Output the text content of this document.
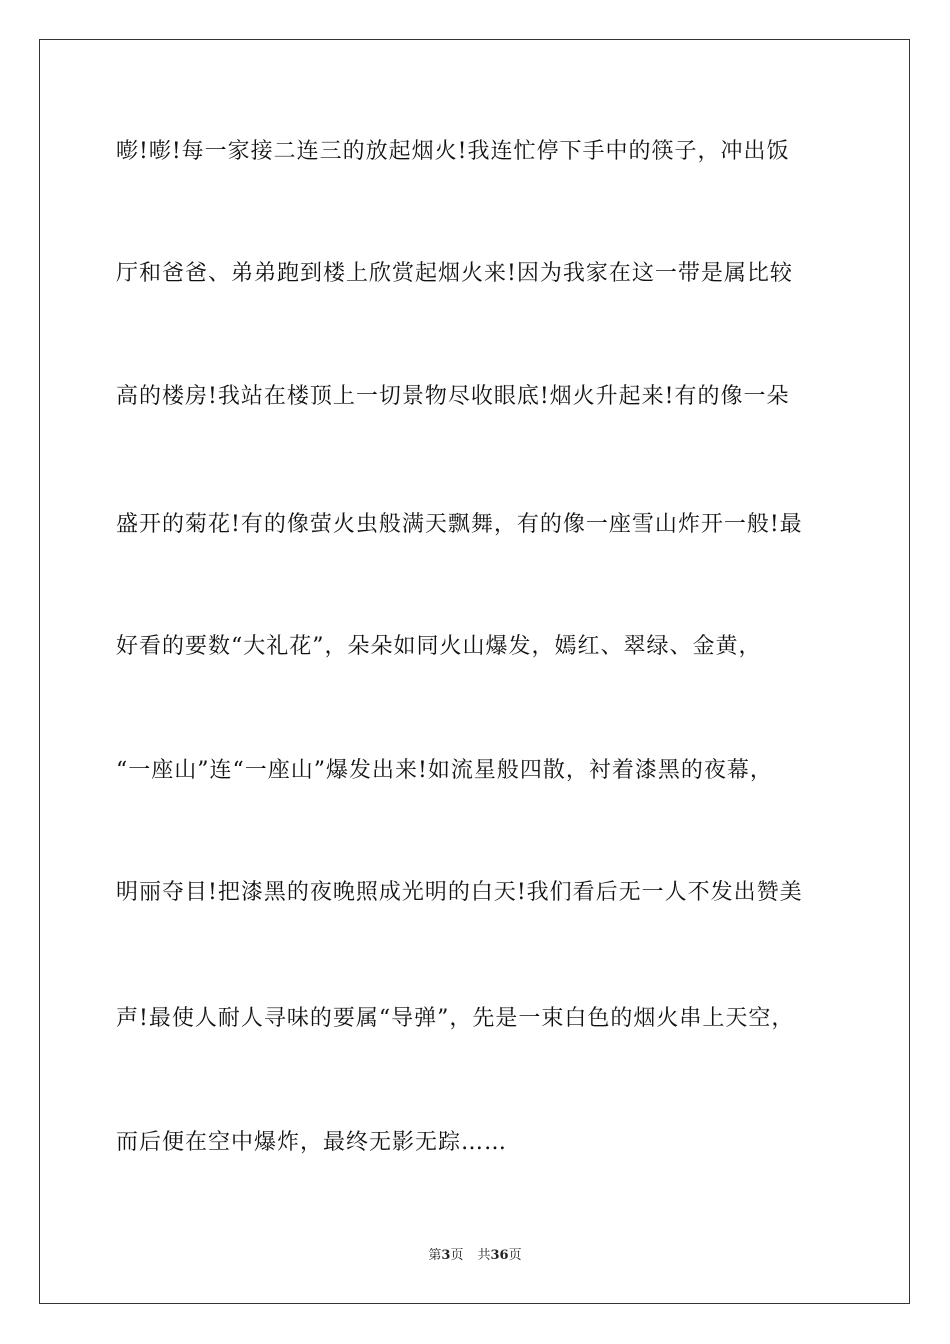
嘭!嘭!每一家接二连三的放起烟火!我连忙停下手中的筷子，冲出饭
厅和爸爸、弟弟跑到楼上欣赏起烟火来!因为我家在这一带是属比较
高的楼房!我站在楼顶上一切景物尽收眼底!烟火升起来!有的像一朵
盛开的菊花!有的像萤火虫般满天飘舞，有的像一座雪山炸开一般!最
好看的要数“大礼花”，朵朵如同火山爆发，嫣红、翠绿、金黄，
“一座山”连“一座山”爆发出来!如流星般四散，衬着漆黑的夜幕，
明丽夺目!把漆黑的夜晚照成光明的白天!我们看后无一人不发出赞美
声!最使人耐人寻味的要属“导弹”，先是一束白色的烟火串上天空，
而后便在空中爆炸，最终无影无踪……
第3页 共36页
